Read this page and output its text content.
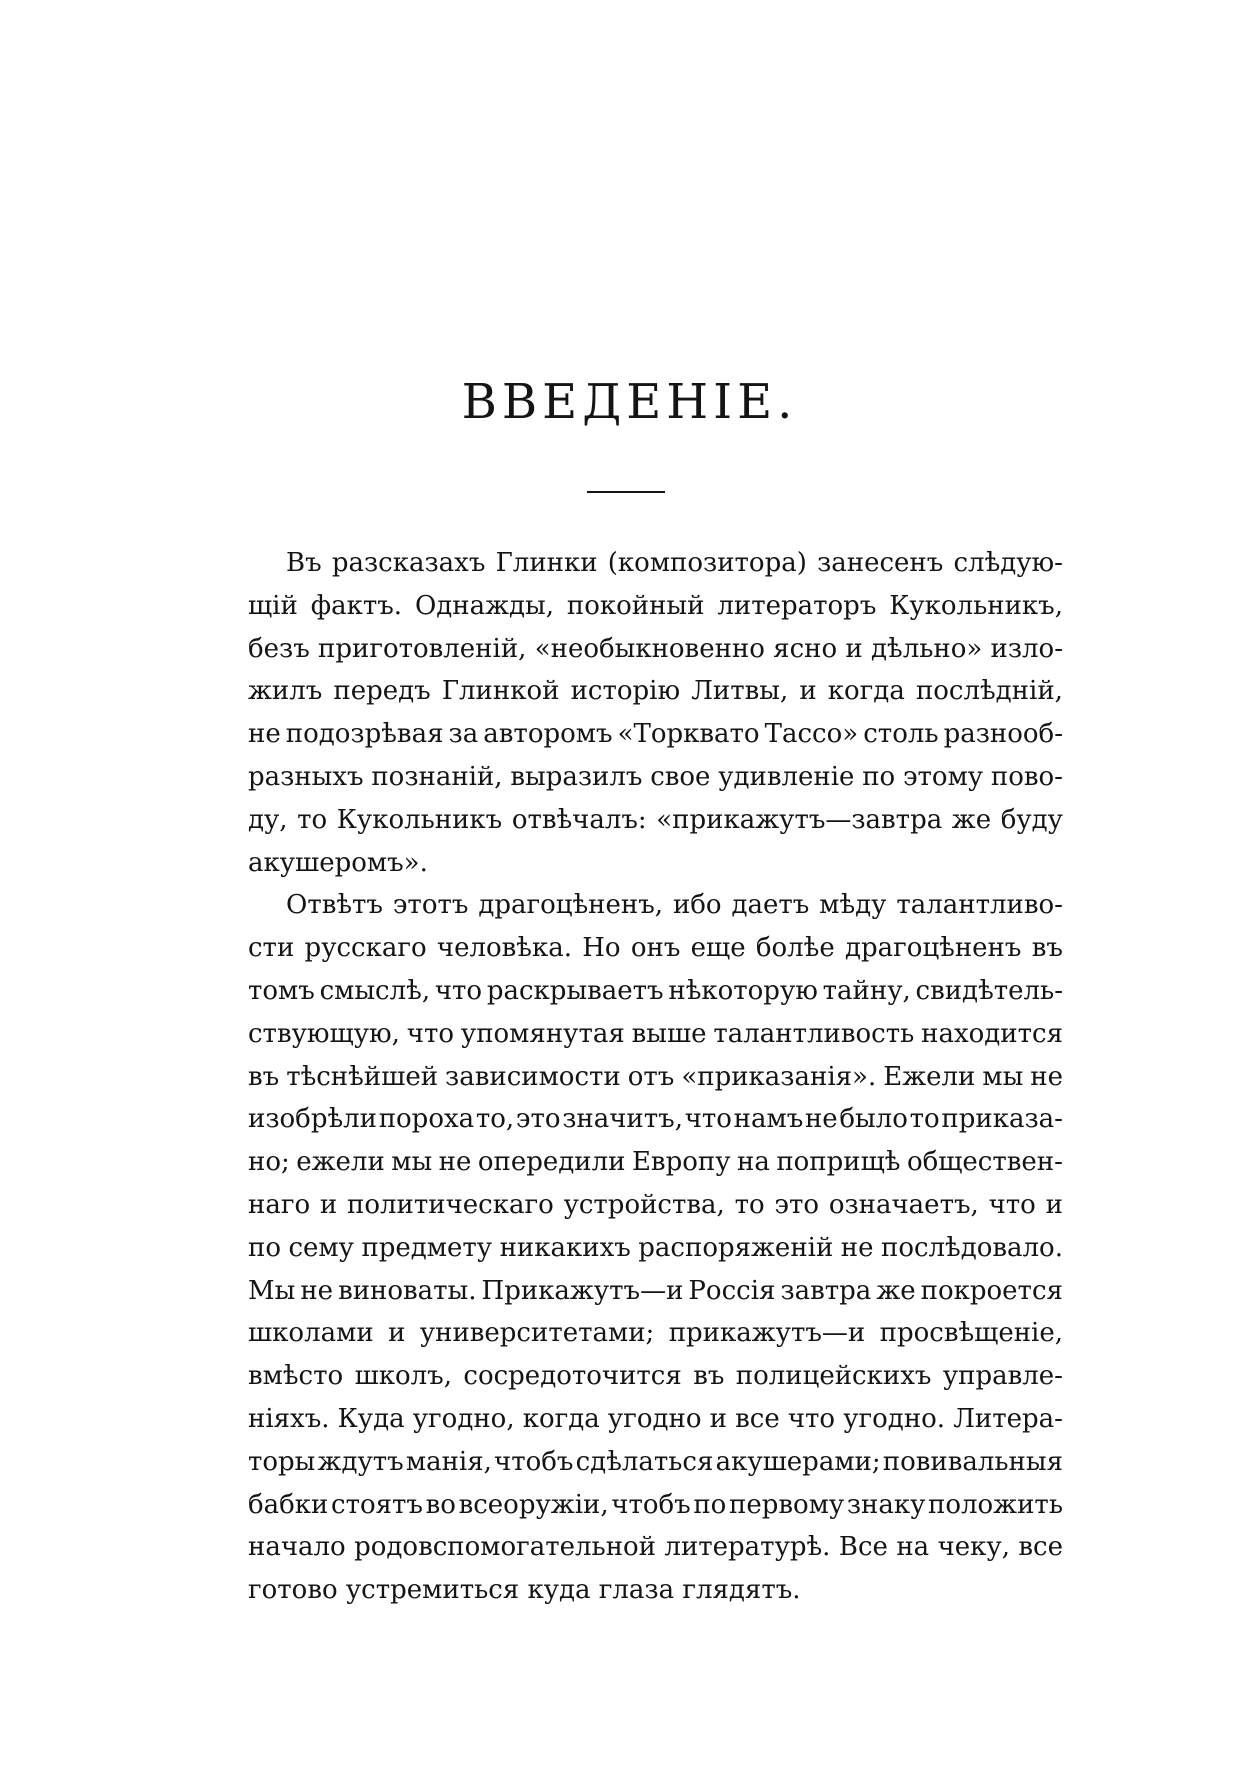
ВВЕДЕНІЕ.
Въ разсказахъ Глинки (композитора) занесенъ слѣдую-
щій фактъ. Однажды, покойный литераторъ Кукольникъ,
безъ приготовленій, «необыкновенно ясно и дѣльно» изло-
жилъ передъ Глинкой исторію Литвы, и когда послѣдній,
не подозрѣвая за авторомъ «Торквато Тассо» столь разнооб-
разныхъ познаній, выразилъ свое удивленіе по этому пово-
ду, то Кукольникъ отвѣчалъ: «прикажутъ—завтра же буду
акушеромъ».
Отвѣтъ этотъ драгоцѣненъ, ибо даетъ мѣду талантливо-
сти русскаго человѣка. Но онъ еще болѣе драгоцѣненъ въ
томъ смыслѣ, что раскрываетъ нѣкоторую тайну, свидѣтель-
ствующую, что упомянутая выше талантливость находится
въ тѣснѣйшей зависимости отъ «приказанія». Ежели мы не
изобрѣли пороха то, это значитъ, что намъ не было то приказа-
но; ежели мы не опередили Европу на поприщѣ обществен-
наго и политическаго устройства, то это означаетъ, что и
по сему предмету никакихъ распоряженій не послѣдовало.
Мы не виноваты. Прикажутъ—и Россія завтра же покроется
школами и университетами; прикажутъ—и просвѣщеніе,
вмѣсто школъ, сосредоточится въ полицейскихъ управле-
ніяхъ. Куда угодно, когда угодно и все что угодно. Литера-
торы ждутъ манія, чтобъ сдѣлаться акушерами; повивальныя
бабки стоятъ во всеоружіи, чтобъ по первому знаку положить
начало родовспомогательной литературѣ. Все на чеку, все
готово устремиться куда глаза глядятъ.
